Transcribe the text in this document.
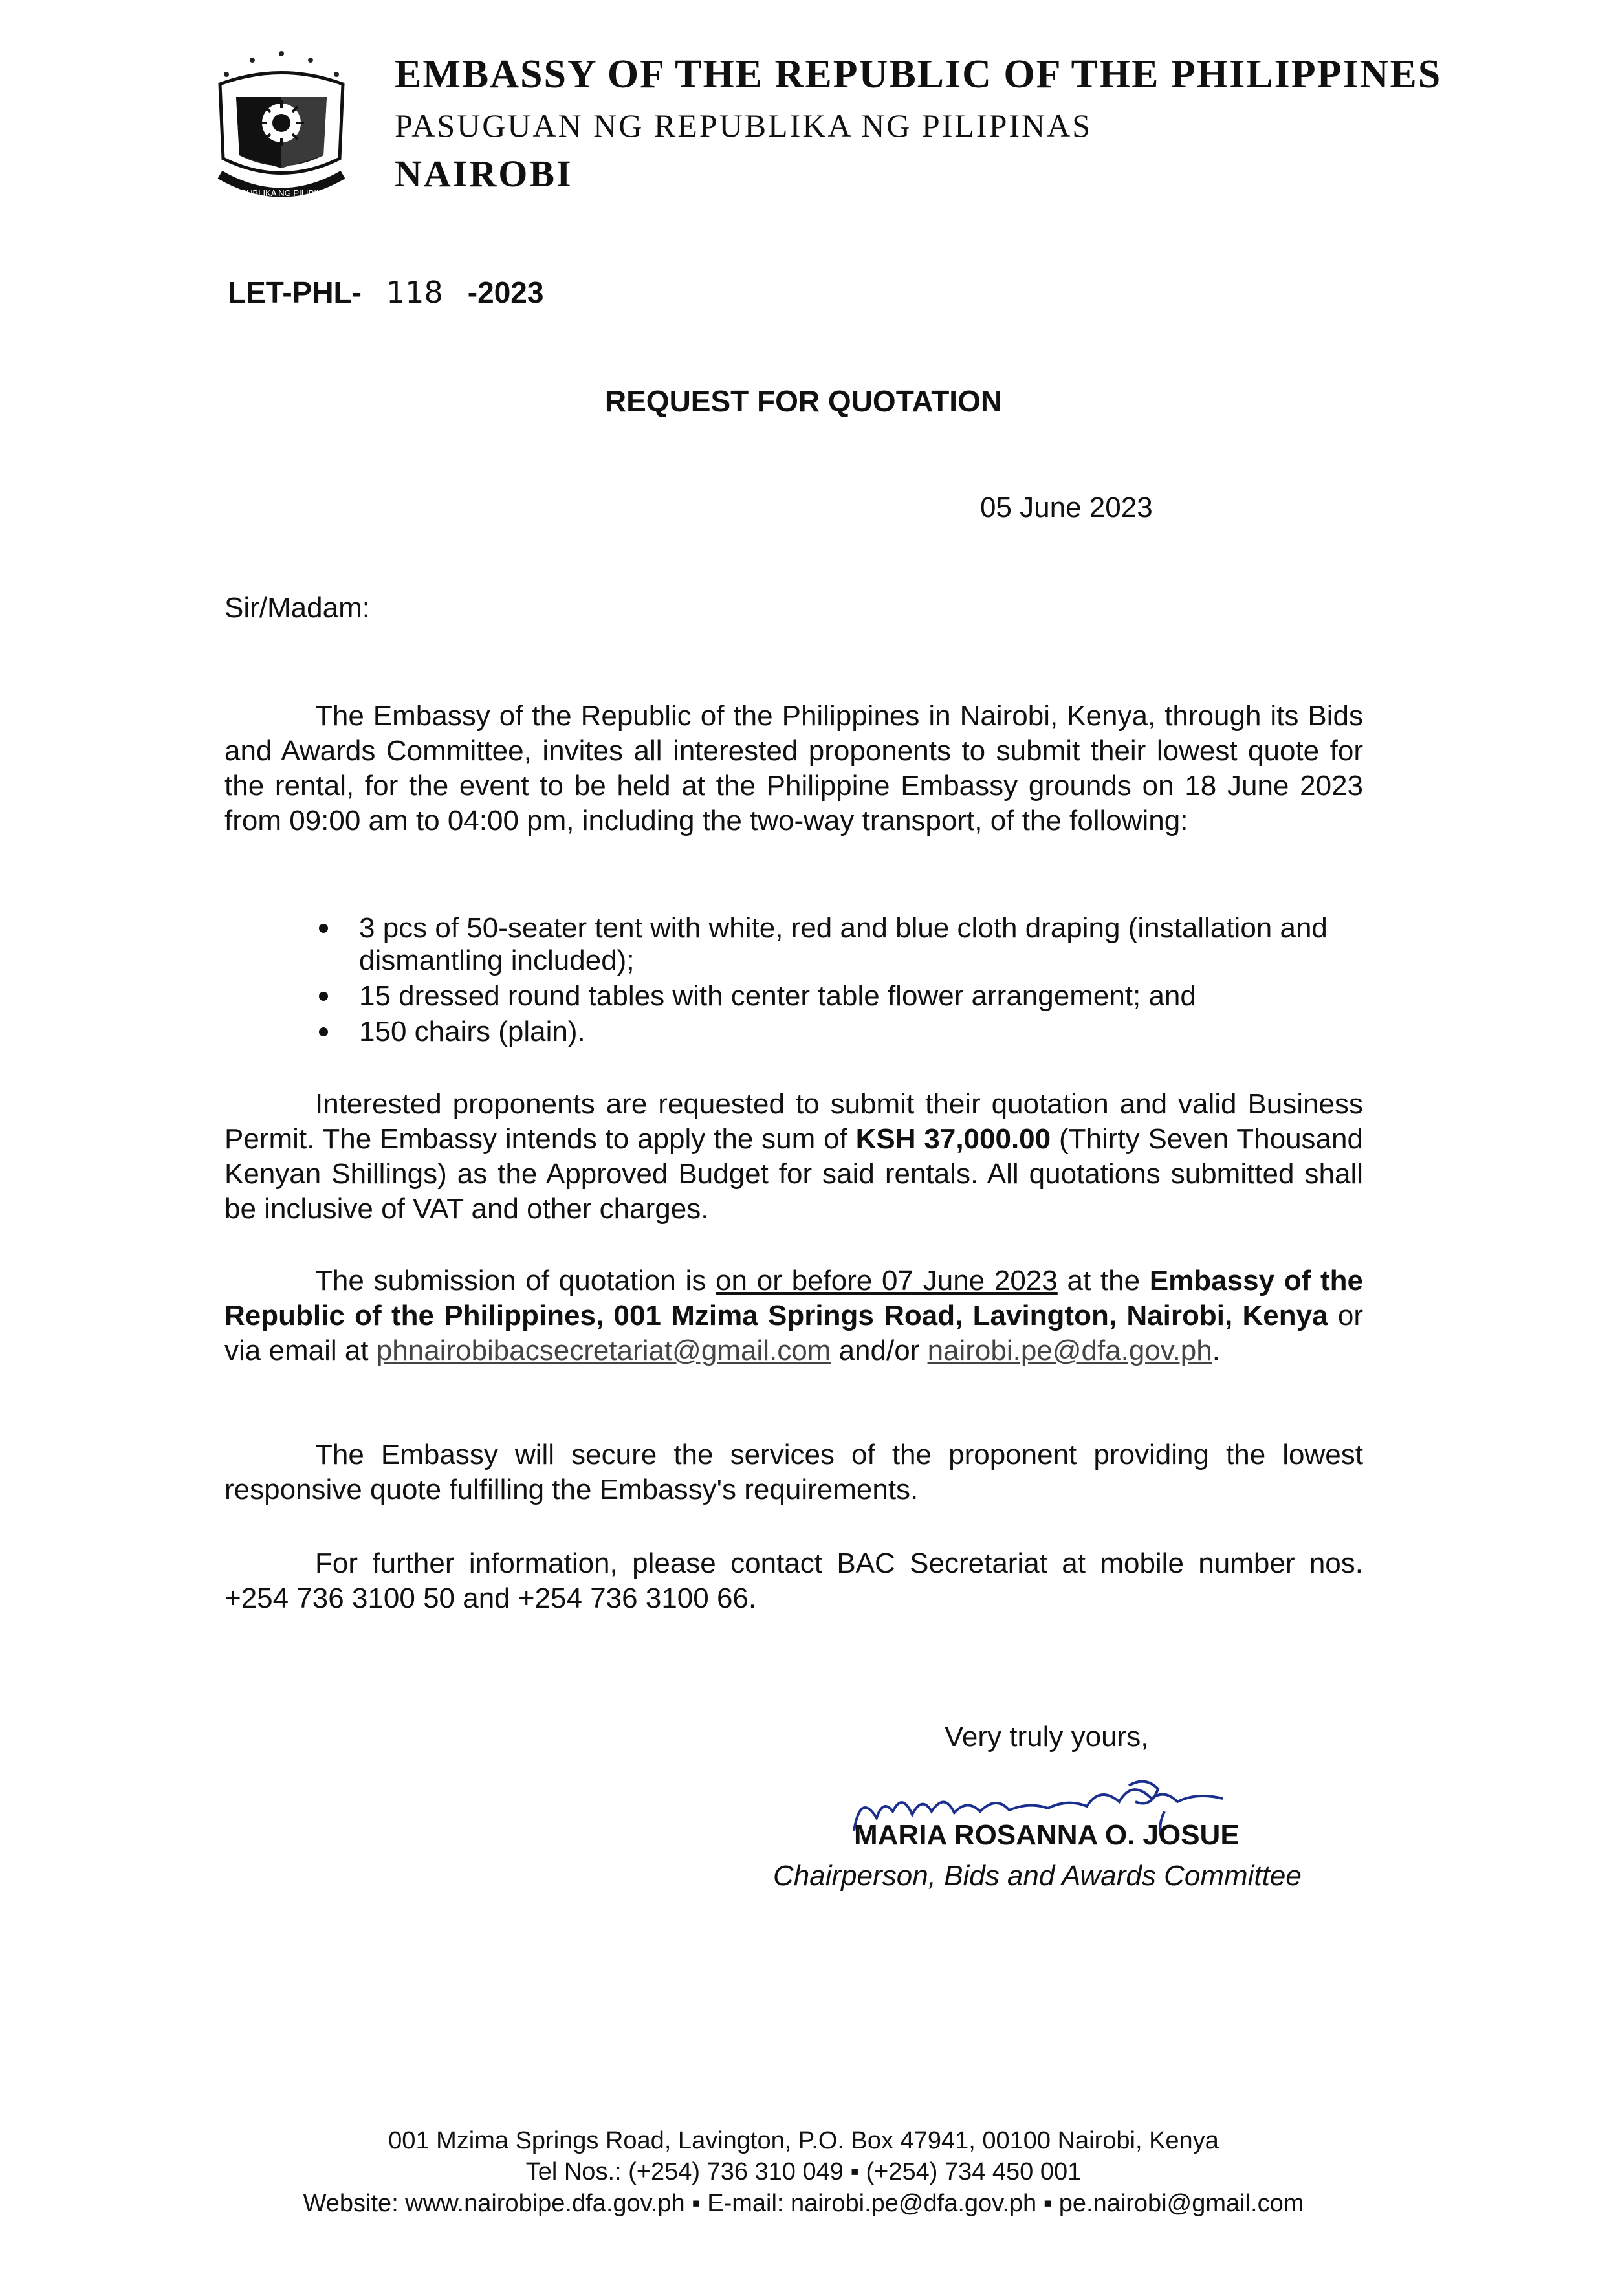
REPUBLIKA NG PILIPINAS
EMBASSY OF THE REPUBLIC OF THE PHILIPPINES
PASUGUAN NG REPUBLIKA NG PILIPINAS
NAIROBI
LET-PHL- 118 -2023
REQUEST FOR QUOTATION
05 June 2023
Sir/Madam:
The Embassy of the Republic of the Philippines in Nairobi, Kenya, through its Bids and Awards Committee, invites all interested proponents to submit their lowest quote for the rental, for the event to be held at the Philippine Embassy grounds on 18 June 2023 from 09:00 am to 04:00 pm, including the two-way transport, of the following:
3 pcs of 50-seater tent with white, red and blue cloth draping (installation and dismantling included);
15 dressed round tables with center table flower arrangement; and
150 chairs (plain).
Interested proponents are requested to submit their quotation and valid Business Permit. The Embassy intends to apply the sum of KSH 37,000.00 (Thirty Seven Thousand Kenyan Shillings) as the Approved Budget for said rentals. All quotations submitted shall be inclusive of VAT and other charges.
The submission of quotation is on or before 07 June 2023 at the Embassy of the Republic of the Philippines, 001 Mzima Springs Road, Lavington, Nairobi, Kenya or via email at phnairobibacsecretariat@gmail.com and/or nairobi.pe@dfa.gov.ph.
The Embassy will secure the services of the proponent providing the lowest responsive quote fulfilling the Embassy's requirements.
For further information, please contact BAC Secretariat at mobile number nos. +254 736 3100 50 and +254 736 3100 66.
Very truly yours,
MARIA ROSANNA O. JOSUE
Chairperson, Bids and Awards Committee
001 Mzima Springs Road, Lavington, P.O. Box 47941, 00100 Nairobi, Kenya
Tel Nos.: (+254) 736 310 049 ▪ (+254) 734 450 001
Website: www.nairobipe.dfa.gov.ph ▪ E-mail: nairobi.pe@dfa.gov.ph ▪ pe.nairobi@gmail.com
